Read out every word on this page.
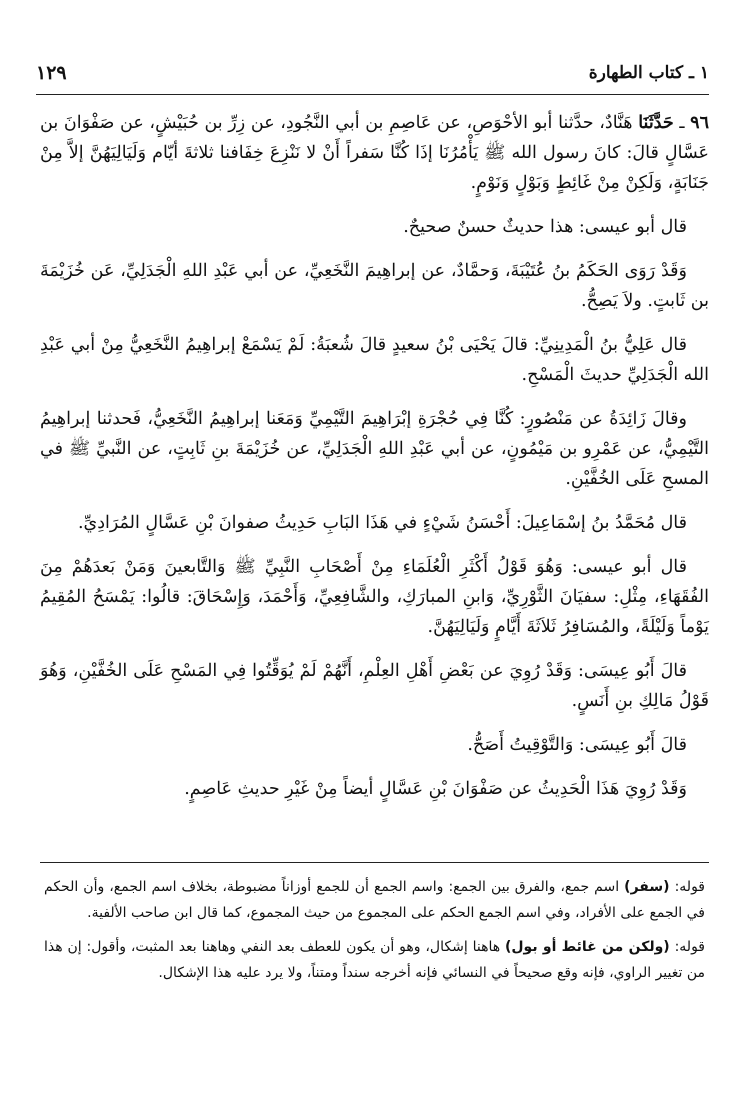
١ ـ كتاب الطهارة
١٢٩

٩٦ ـ حَدَّثَنَا هَنَّادٌ، حدَّثنا أبو الأحْوَصِ، عن عَاصِمِ بن أبي النَّجُودِ، عن زِرِّ بن حُبَيْشٍ، عن صَفْوَانَ بن عَسَّالٍ قالَ: كانَ رسول الله ﷺ يَأْمُرُنَا إذَا كُنَّا سَفراً أَنْ لا نَنْزِعَ خِفَافنا ثلاثةَ أيّام وَلَيَالِيَهُنَّ إلاَّ مِنْ جَنَابَةٍ، وَلَكِنْ مِنْ غَائِطٍ وَبَوْلٍ وَنَوْمٍ.

قال أبو عيسى: هذا حديثٌ حسنٌ صحيحٌ.

وَقَدْ رَوَى الحَكَمُ بنُ عُتَيْبَةَ، وَحمَّادٌ، عن إبراهِيمَ النَّخَعِيِّ، عن أبي عَبْدِ اللهِ الْجَدَلِيِّ، عَن خُزَيْمَةَ بن ثَابتٍ. ولاَ يَصِحُّ.

قال عَلِيُّ بنُ الْمَدِينِيِّ: قالَ يَحْيَى بْنُ سعيدٍ قالَ شُعبَةُ: لَمْ يَسْمَعْ إبراهِيمُ النَّخَعِيُّ مِنْ أبي عَبْدِ الله الْجَدَلِيِّ حديثَ الْمَسْحِ.

وقالَ زَائِدَةُ عن مَنْصُورٍ: كُنَّا فِي حُجْرَةِ إبْرَاهِيمَ التَّيْمِيِّ وَمَعَنا إبراهِيمُ النَّخَعِيُّ، فَحدثنا إبراهِيمُ التَّيْمِيُّ، عن عَمْرِو بن مَيْمُونٍ، عن أبي عَبْدِ اللهِ الْجَدَلِيِّ، عن خُزَيْمَةَ بنِ ثَابِتٍ، عن النَّبيِّ ﷺ في المسحِ عَلَى الخُفَّيْنِ.

قال مُحَمَّدُ بنُ إسْمَاعِيلَ: أَحْسَنُ شَيْءٍ في هَذَا البَابِ حَدِيثُ صفوانَ بْنِ عَسَّالٍ المُرَادِيِّ.

قال أبو عيسى: وَهُوَ قَوْلُ أَكْثَرِ الْعُلَمَاءِ مِنْ أَصْحَابِ النَّبِيِّ ﷺ وَالتَّابعينَ وَمَنْ بَعدَهُمْ مِنَ الفُقَهَاءِ، مِثْلِ: سفيَانَ الثَّوْرِيِّ، وَابنِ المبارَكِ، والشَّافِعِيِّ، وَأَحْمَدَ، وَإِسْحَاقَ: قالُوا: يَمْسَحُ المُقِيمُ يَوْماً وَلَيْلَةً، والمُسَافِرُ ثَلاَثَةَ أَيَّامٍ وَلَيَالِيَهُنَّ.

قالَ أَبُو عِيسَى: وَقَدْ رُوِيَ عن بَعْضِ أَهْلِ العِلْمِ، أَنَّهُمْ لَمْ يُوَقِّتُوا فِي المَسْحِ عَلَى الخُفَّيْنِ، وَهُوَ قَوْلُ مَالِكِ بنِ أَنَسٍ.

قالَ أَبُو عِيسَى: وَالتَّوْقِيتُ أَصَحُّ.

وَقَدْ رُوِيَ هَذَا الْحَدِيثُ عن صَفْوَانَ بْنِ عَسَّالٍ أيضاً مِنْ غَيْرِ حديثِ عَاصِمٍ.

قوله: (سفر) اسم جمع، والفرق بين الجمع: واسم الجمع أن للجمع أوزاناً مضبوطة، بخلاف اسم الجمع، وأن الحكم في الجمع على الأفراد، وفي اسم الجمع الحكم على المجموع من حيث المجموع، كما قال ابن صاحب الألفية.

قوله: (ولكن من غائط أو بول) هاهنا إشكال، وهو أن يكون للعطف بعد النفي وهاهنا بعد المثبت، وأقول: إن هذا من تغيير الراوي، فإنه وقع صحيحاً في النسائي فإنه أخرجه سنداً ومتناً، ولا يرد عليه هذا الإشكال.
